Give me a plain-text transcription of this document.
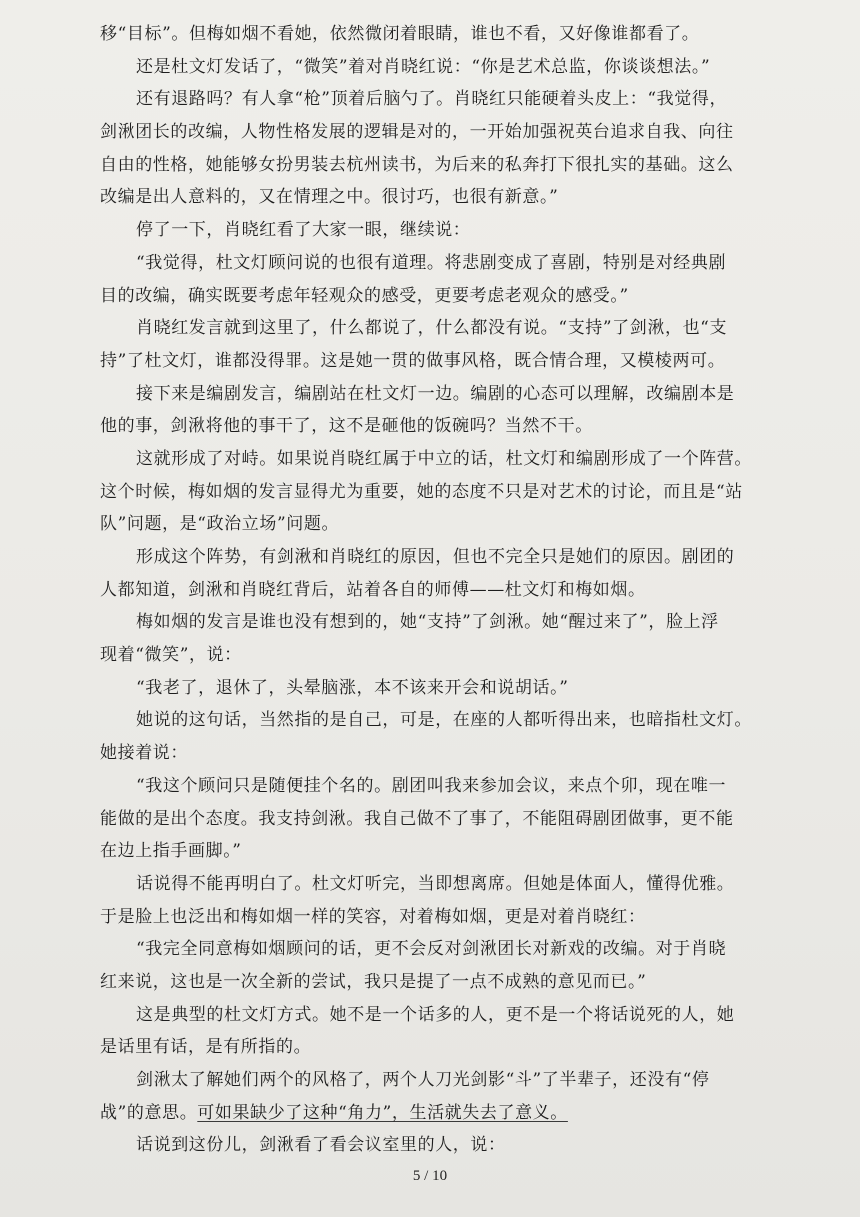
移“目标”。但梅如烟不看她，依然微闭着眼睛，谁也不看，又好像谁都看了。
还是杜文灯发话了，“微笑”着对肖晓红说：“你是艺术总监，你谈谈想法。”
还有退路吗？有人拿“枪”顶着后脑勺了。肖晓红只能硬着头皮上：“我觉得，
剑湫团长的改编，人物性格发展的逻辑是对的，一开始加强祝英台追求自我、向往
自由的性格，她能够女扮男装去杭州读书，为后来的私奔打下很扎实的基础。这么
改编是出人意料的，又在情理之中。很讨巧，也很有新意。”
停了一下，肖晓红看了大家一眼，继续说：
“我觉得，杜文灯顾问说的也很有道理。将悲剧变成了喜剧，特别是对经典剧
目的改编，确实既要考虑年轻观众的感受，更要考虑老观众的感受。”
肖晓红发言就到这里了，什么都说了，什么都没有说。“支持”了剑湫，也“支
持”了杜文灯，谁都没得罪。这是她一贯的做事风格，既合情合理，又模棱两可。
接下来是编剧发言，编剧站在杜文灯一边。编剧的心态可以理解，改编剧本是
他的事，剑湫将他的事干了，这不是砸他的饭碗吗？当然不干。
这就形成了对峙。如果说肖晓红属于中立的话，杜文灯和编剧形成了一个阵营。
这个时候，梅如烟的发言显得尤为重要，她的态度不只是对艺术的讨论，而且是“站
队”问题，是“政治立场”问题。
形成这个阵势，有剑湫和肖晓红的原因，但也不完全只是她们的原因。剧团的
人都知道，剑湫和肖晓红背后，站着各自的师傅——杜文灯和梅如烟。
梅如烟的发言是谁也没有想到的，她“支持”了剑湫。她“醒过来了”，脸上浮
现着“微笑”，说：
“我老了，退休了，头晕脑涨，本不该来开会和说胡话。”
她说的这句话，当然指的是自己，可是，在座的人都听得出来，也暗指杜文灯。
她接着说：
“我这个顾问只是随便挂个名的。剧团叫我来参加会议，来点个卯，现在唯一
能做的是出个态度。我支持剑湫。我自己做不了事了，不能阻碍剧团做事，更不能
在边上指手画脚。”
话说得不能再明白了。杜文灯听完，当即想离席。但她是体面人，懂得优雅。
于是脸上也泛出和梅如烟一样的笑容，对着梅如烟，更是对着肖晓红：
“我完全同意梅如烟顾问的话，更不会反对剑湫团长对新戏的改编。对于肖晓
红来说，这也是一次全新的尝试，我只是提了一点不成熟的意见而已。”
这是典型的杜文灯方式。她不是一个话多的人，更不是一个将话说死的人，她
是话里有话，是有所指的。
剑湫太了解她们两个的风格了，两个人刀光剑影“斗”了半辈子，还没有“停
战”的意思。可如果缺少了这种“角力”，生活就失去了意义。
话说到这份儿，剑湫看了看会议室里的人，说：
5 / 10
